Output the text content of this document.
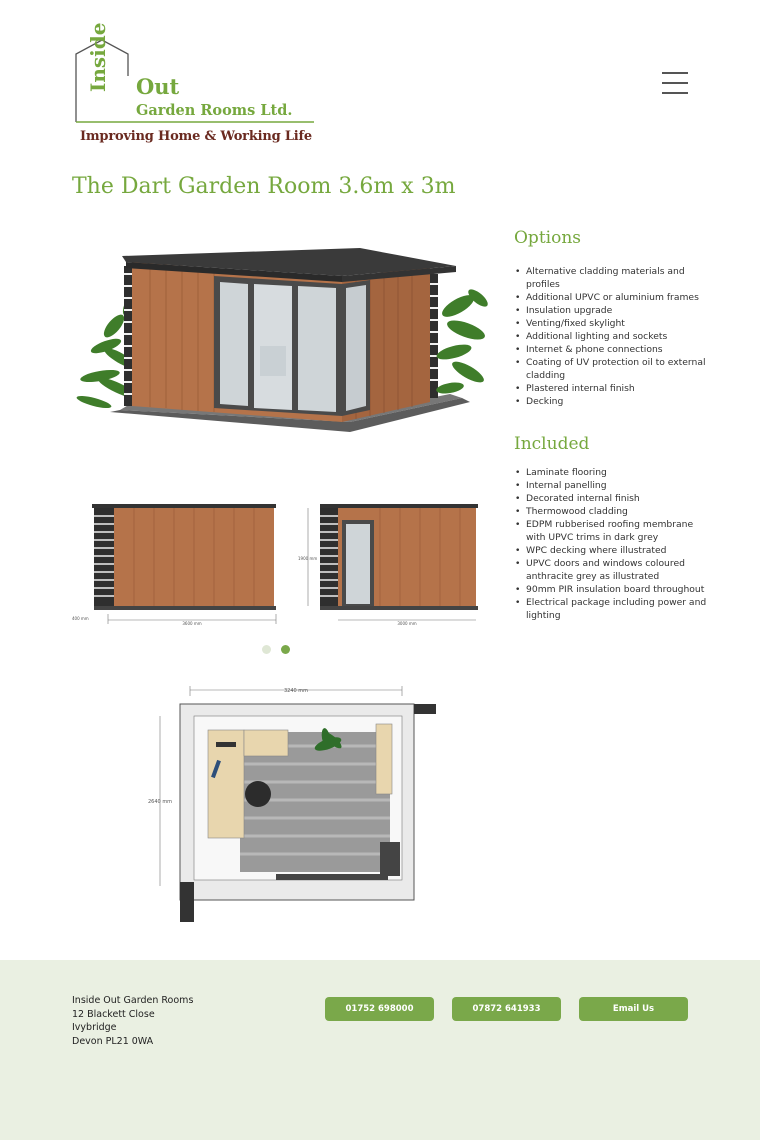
Inside Out
Garden Rooms Ltd.
Improving Home & Working Life
The Dart Garden Room 3.6m x 3m
3600 mm
400 mm
1900 mm
3000 mm
Options
• Alternative cladding materials and profiles
• Additional UPVC or aluminium frames
• Insulation upgrade
• Venting/fixed skylight
• Additional lighting and sockets
• Internet & phone connections
• Coating of UV protection oil to external cladding
• Plastered internal finish
• Decking
Included
• Laminate flooring
• Internal panelling
• Decorated internal finish
• Thermowood cladding
• EDPM rubberised roofing membrane with UPVC trims in dark grey
• WPC decking where illustrated
• UPVC doors and windows coloured anthracite grey as illustrated
• 90mm PIR insulation board throughout
• Electrical package including power and lighting
3240 mm
2640 mm
Inside Out Garden Rooms
12 Blackett Close
Ivybridge
Devon PL21 0WA
01752 698000	07872 641933	Email Us
